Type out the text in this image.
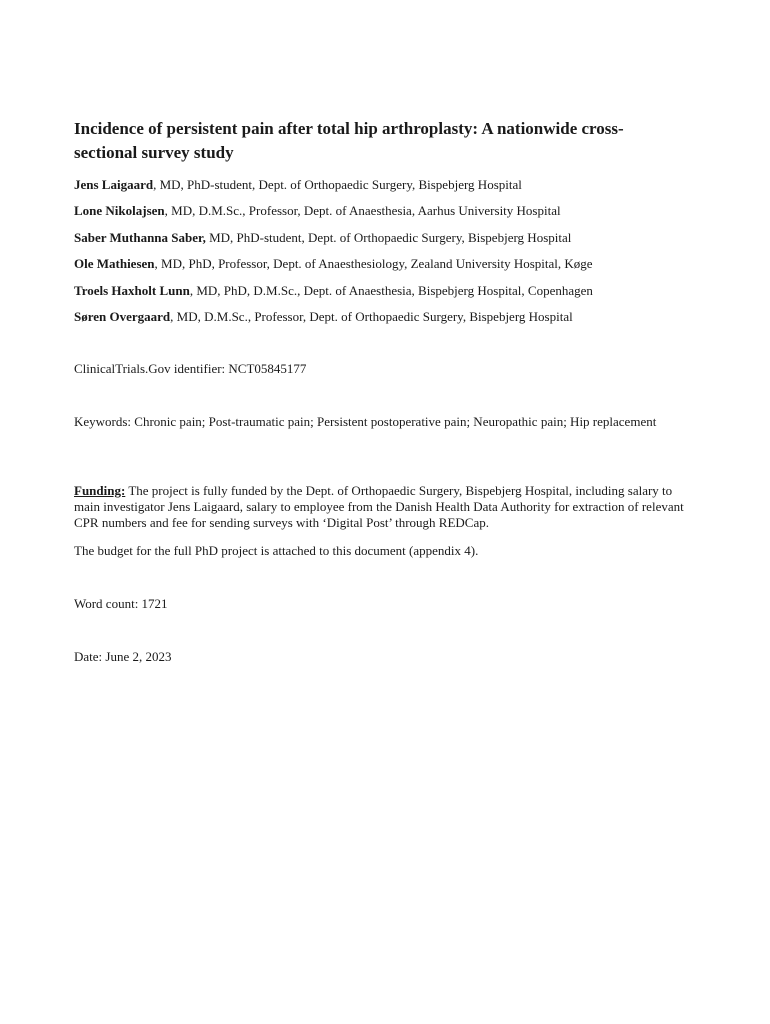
Incidence of persistent pain after total hip arthroplasty: A nationwide cross-sectional survey study
Jens Laigaard, MD, PhD-student, Dept. of Orthopaedic Surgery, Bispebjerg Hospital
Lone Nikolajsen, MD, D.M.Sc., Professor, Dept. of Anaesthesia, Aarhus University Hospital
Saber Muthanna Saber, MD, PhD-student, Dept. of Orthopaedic Surgery, Bispebjerg Hospital
Ole Mathiesen, MD, PhD, Professor, Dept. of Anaesthesiology, Zealand University Hospital, Køge
Troels Haxholt Lunn, MD, PhD, D.M.Sc., Dept. of Anaesthesia, Bispebjerg Hospital, Copenhagen
Søren Overgaard, MD, D.M.Sc., Professor, Dept. of Orthopaedic Surgery, Bispebjerg Hospital

ClinicalTrials.Gov identifier: NCT05845177

Keywords: Chronic pain; Post-traumatic pain; Persistent postoperative pain; Neuropathic pain; Hip replacement

Funding: The project is fully funded by the Dept. of Orthopaedic Surgery, Bispebjerg Hospital, including salary to main investigator Jens Laigaard, salary to employee from the Danish Health Data Authority for extraction of relevant CPR numbers and fee for sending surveys with ‘Digital Post’ through REDCap.

The budget for the full PhD project is attached to this document (appendix 4).

Word count: 1721

Date: June 2, 2023
